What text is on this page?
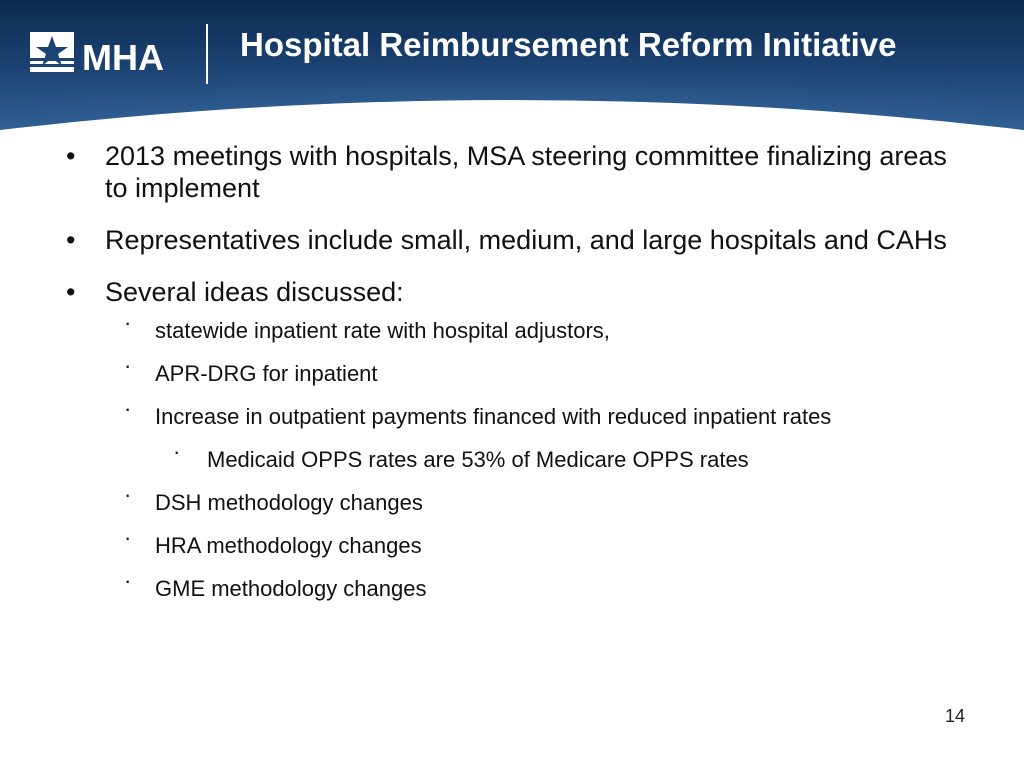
MHA Hospital Reimbursement Reform Initiative
• 2013 meetings with hospitals, MSA steering committee finalizing areas to implement
• Representatives include small, medium, and large hospitals and CAHs
• Several ideas discussed:
· statewide inpatient rate with hospital adjustors,
· APR-DRG for inpatient
· Increase in outpatient payments financed with reduced inpatient rates
· Medicaid OPPS rates are 53% of Medicare OPPS rates
· DSH methodology changes
· HRA methodology changes
· GME methodology changes
14
